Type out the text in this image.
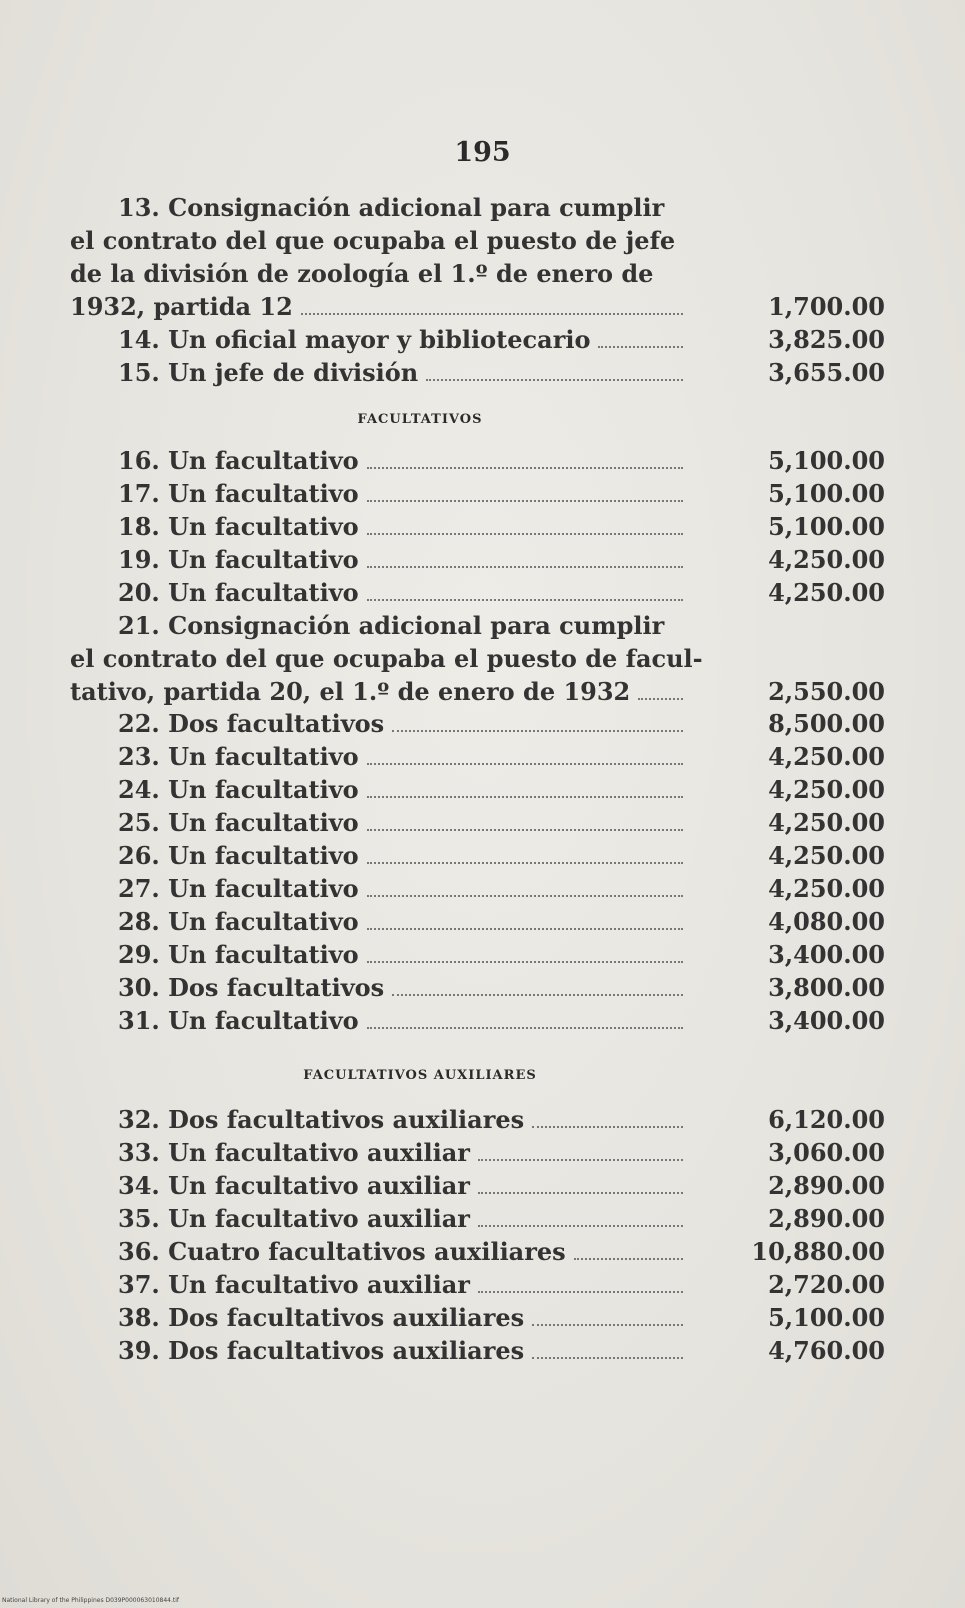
195
13. Consignación adicional para cumplir
el contrato del que ocupaba el puesto de jefe
de la división de zoología el 1.º de enero de
1932, partida 12	1,700.00
14. Un oficial mayor y bibliotecario	3,825.00
15. Un jefe de división	3,655.00
FACULTATIVOS
16. Un facultativo	5,100.00
17. Un facultativo	5,100.00
18. Un facultativo	5,100.00
19. Un facultativo	4,250.00
20. Un facultativo	4,250.00
21. Consignación adicional para cumplir
el contrato del que ocupaba el puesto de facul-
tativo, partida 20, el 1.º de enero de 1932	2,550.00
22. Dos facultativos	8,500.00
23. Un facultativo	4,250.00
24. Un facultativo	4,250.00
25. Un facultativo	4,250.00
26. Un facultativo	4,250.00
27. Un facultativo	4,250.00
28. Un facultativo	4,080.00
29. Un facultativo	3,400.00
30. Dos facultativos	3,800.00
31. Un facultativo	3,400.00
FACULTATIVOS AUXILIARES
32. Dos facultativos auxiliares	6,120.00
33. Un facultativo auxiliar	3,060.00
34. Un facultativo auxiliar	2,890.00
35. Un facultativo auxiliar	2,890.00
36. Cuatro facultativos auxiliares	10,880.00
37. Un facultativo auxiliar	2,720.00
38. Dos facultativos auxiliares	5,100.00
39. Dos facultativos auxiliares	4,760.00
National Library of the Philippines D039P000063010844.tif
